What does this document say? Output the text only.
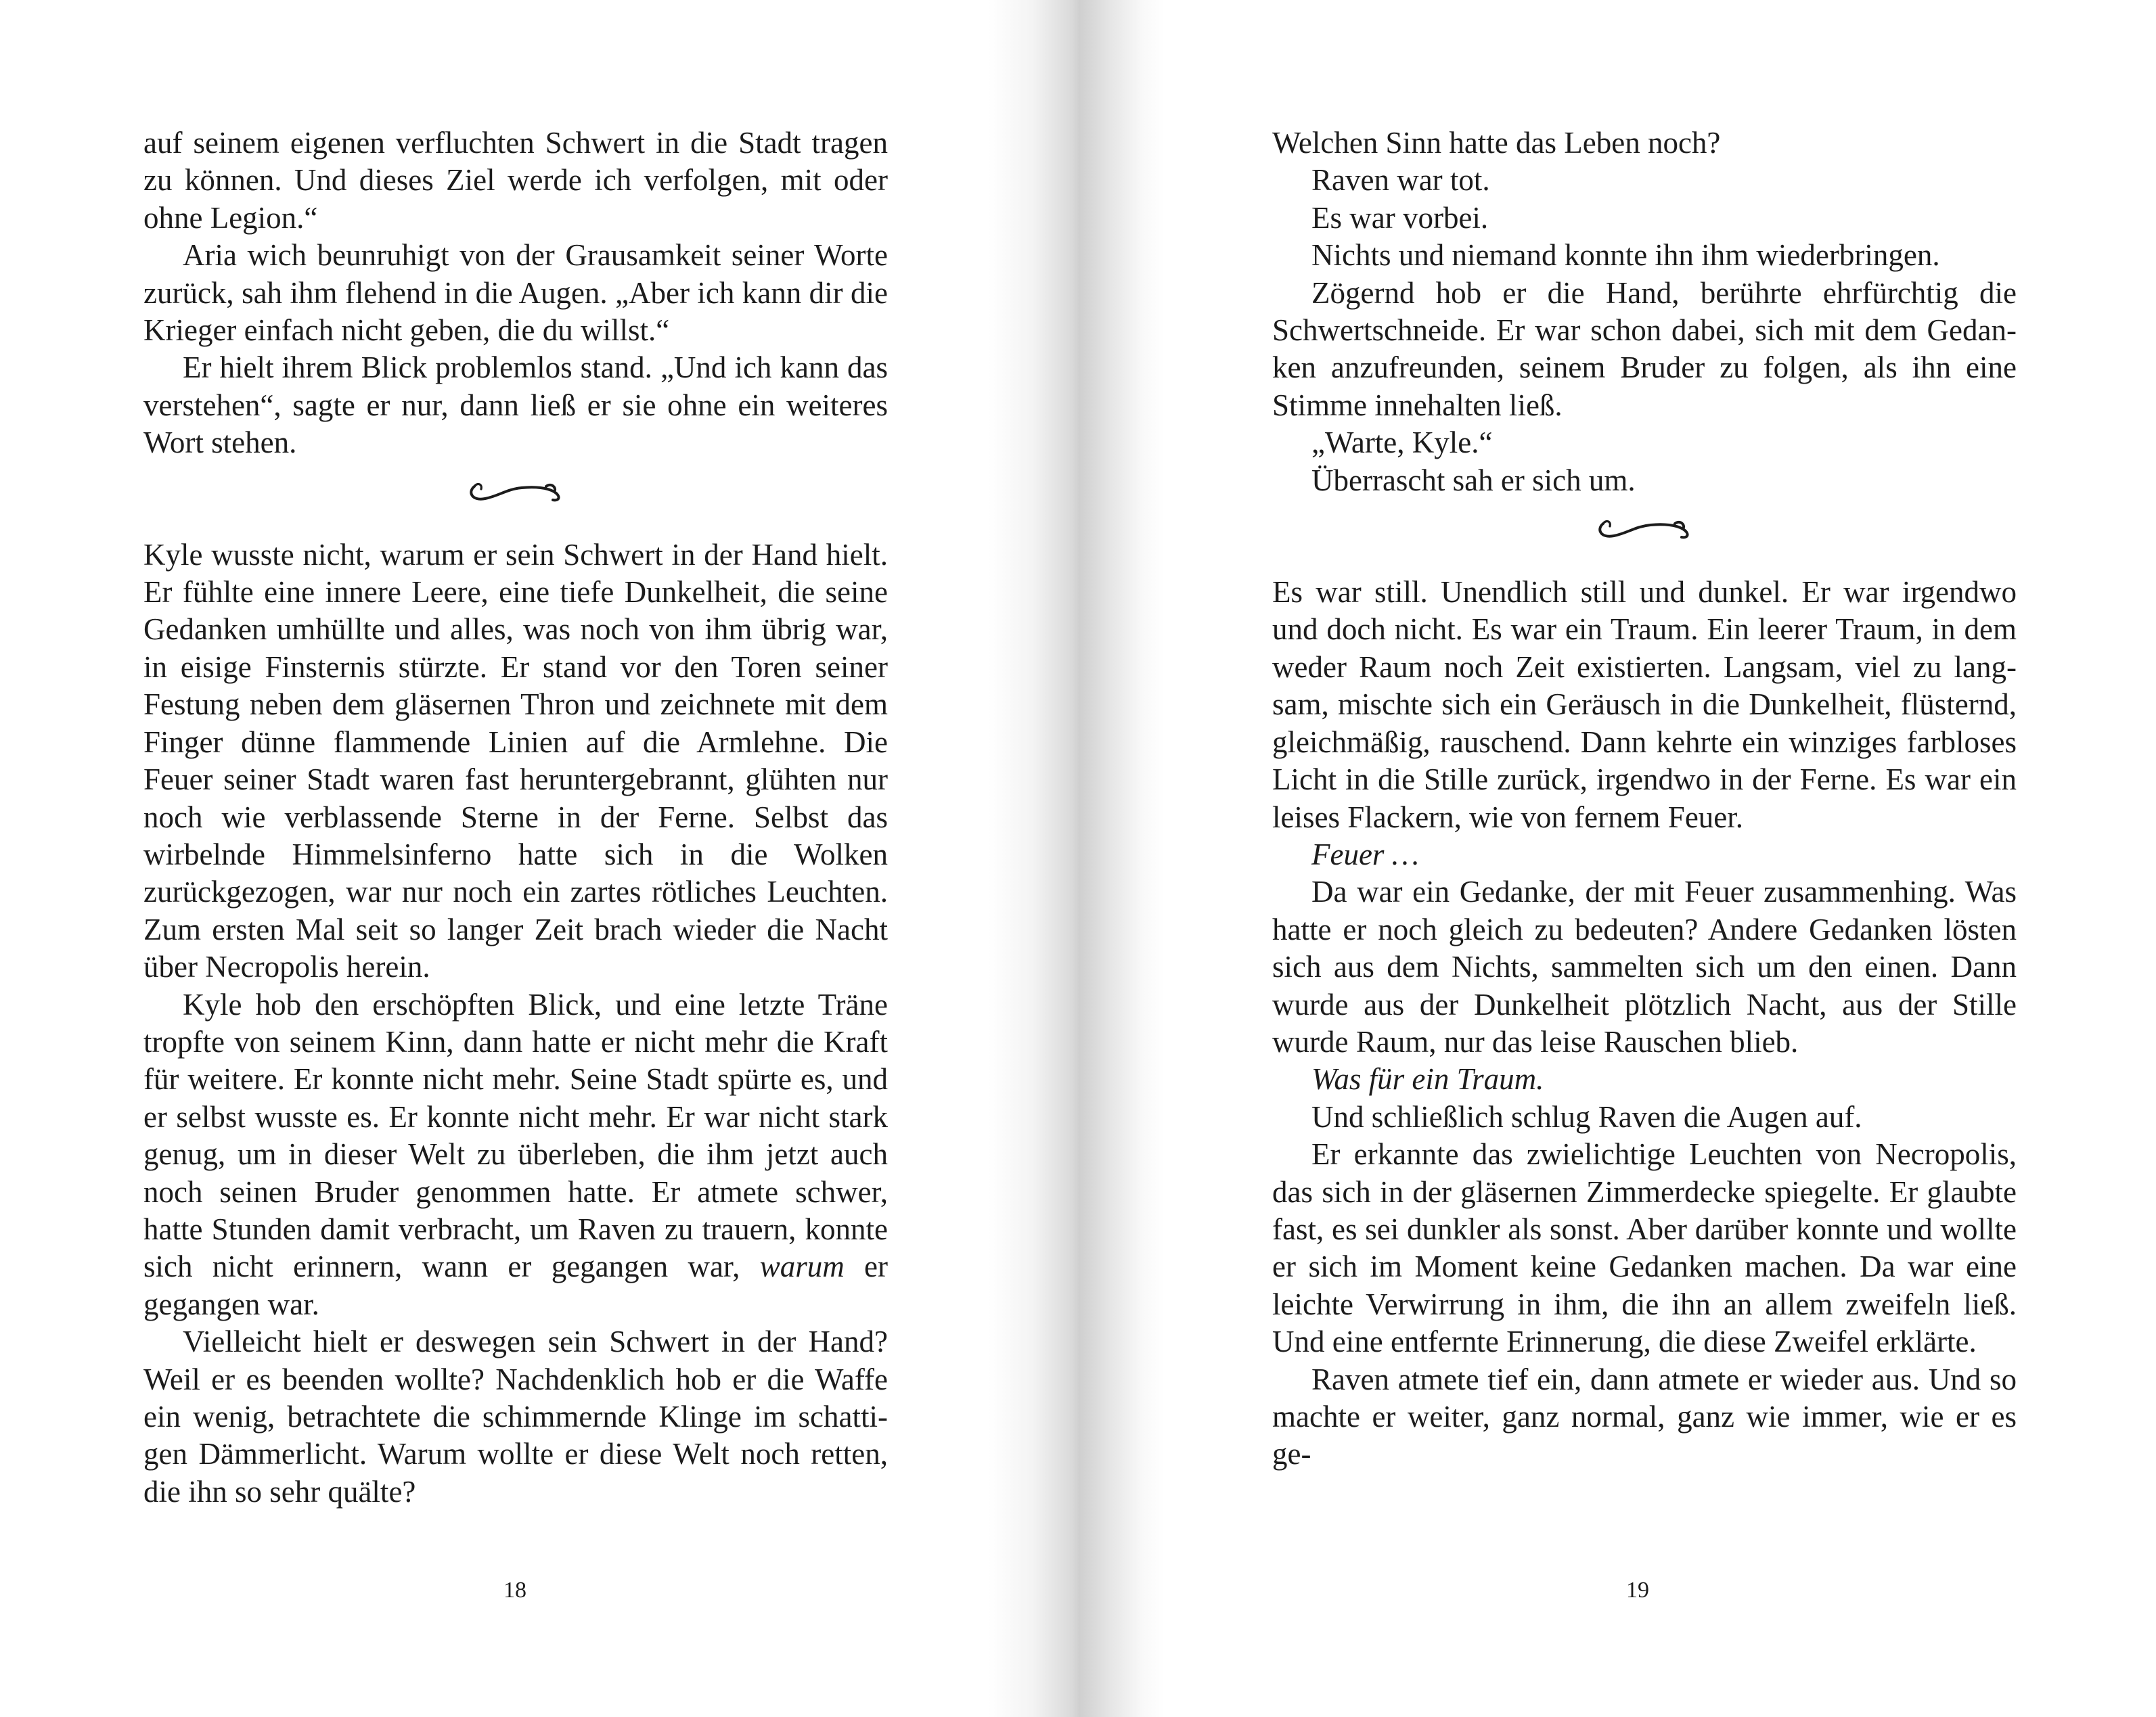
auf seinem eigenen verfluchten Schwert in die Stadt tragen zu können. Und dieses Ziel werde ich verfolgen, mit oder ohne Legion.“

Aria wich beunruhigt von der Grausamkeit seiner Worte zurück, sah ihm flehend in die Augen. „Aber ich kann dir die Krieger einfach nicht geben, die du willst.“

Er hielt ihrem Blick problemlos stand. „Und ich kann das verstehen“, sagte er nur, dann ließ er sie ohne ein weiteres Wort stehen.

Kyle wusste nicht, warum er sein Schwert in der Hand hielt. Er fühlte eine innere Leere, eine tiefe Dunkelheit, die seine Gedanken umhüllte und alles, was noch von ihm übrig war, in eisige Finsternis stürzte. Er stand vor den Toren seiner Festung neben dem gläsernen Thron und zeichnete mit dem Finger dünne flammende Linien auf die Armlehne. Die Feuer seiner Stadt waren fast heruntergebrannt, glühten nur noch wie verblassende Sterne in der Ferne. Selbst das wirbelnde Himmelsinferno hatte sich in die Wolken zurückgezogen, war nur noch ein zartes rötliches Leuchten. Zum ersten Mal seit so langer Zeit brach wieder die Nacht über Necropolis herein.

Kyle hob den erschöpften Blick, und eine letzte Träne tropfte von seinem Kinn, dann hatte er nicht mehr die Kraft für weitere. Er konnte nicht mehr. Seine Stadt spürte es, und er selbst wusste es. Er konnte nicht mehr. Er war nicht stark genug, um in dieser Welt zu überleben, die ihm jetzt auch noch seinen Bruder genommen hatte. Er atmete schwer, hatte Stunden damit verbracht, um Raven zu trauern, konnte sich nicht erinnern, wann er gegangen war, warum er gegangen war.

Vielleicht hielt er deswegen sein Schwert in der Hand? Weil er es beenden wollte? Nachdenklich hob er die Waffe ein wenig, betrachtete die schimmernde Klinge im schattigen Dämmerlicht. Warum wollte er diese Welt noch retten, die ihn so sehr quälte?

18

Welchen Sinn hatte das Leben noch?

Raven war tot.

Es war vorbei.

Nichts und niemand konnte ihn ihm wiederbringen.

Zögernd hob er die Hand, berührte ehrfürchtig die Schwertschneide. Er war schon dabei, sich mit dem Gedanken anzufreunden, seinem Bruder zu folgen, als ihn eine Stimme innehalten ließ.

„Warte, Kyle.“

Überrascht sah er sich um.

Es war still. Unendlich still und dunkel. Er war irgendwo und doch nicht. Es war ein Traum. Ein leerer Traum, in dem weder Raum noch Zeit existierten. Langsam, viel zu langsam, mischte sich ein Geräusch in die Dunkelheit, flüsternd, gleichmäßig, rauschend. Dann kehrte ein winziges farbloses Licht in die Stille zurück, irgendwo in der Ferne. Es war ein leises Flackern, wie von fernem Feuer.

Feuer …

Da war ein Gedanke, der mit Feuer zusammenhing. Was hatte er noch gleich zu bedeuten? Andere Gedanken lösten sich aus dem Nichts, sammelten sich um den einen. Dann wurde aus der Dunkelheit plötzlich Nacht, aus der Stille wurde Raum, nur das leise Rauschen blieb.

Was für ein Traum.

Und schließlich schlug Raven die Augen auf.

Er erkannte das zwielichtige Leuchten von Necropolis, das sich in der gläsernen Zimmerdecke spiegelte. Er glaubte fast, es sei dunkler als sonst. Aber darüber konnte und wollte er sich im Moment keine Gedanken machen. Da war eine leichte Verwirrung in ihm, die ihn an allem zweifeln ließ. Und eine entfernte Erinnerung, die diese Zweifel erklärte.

Raven atmete tief ein, dann atmete er wieder aus. Und so machte er weiter, ganz normal, ganz wie immer, wie er es ge-

19
